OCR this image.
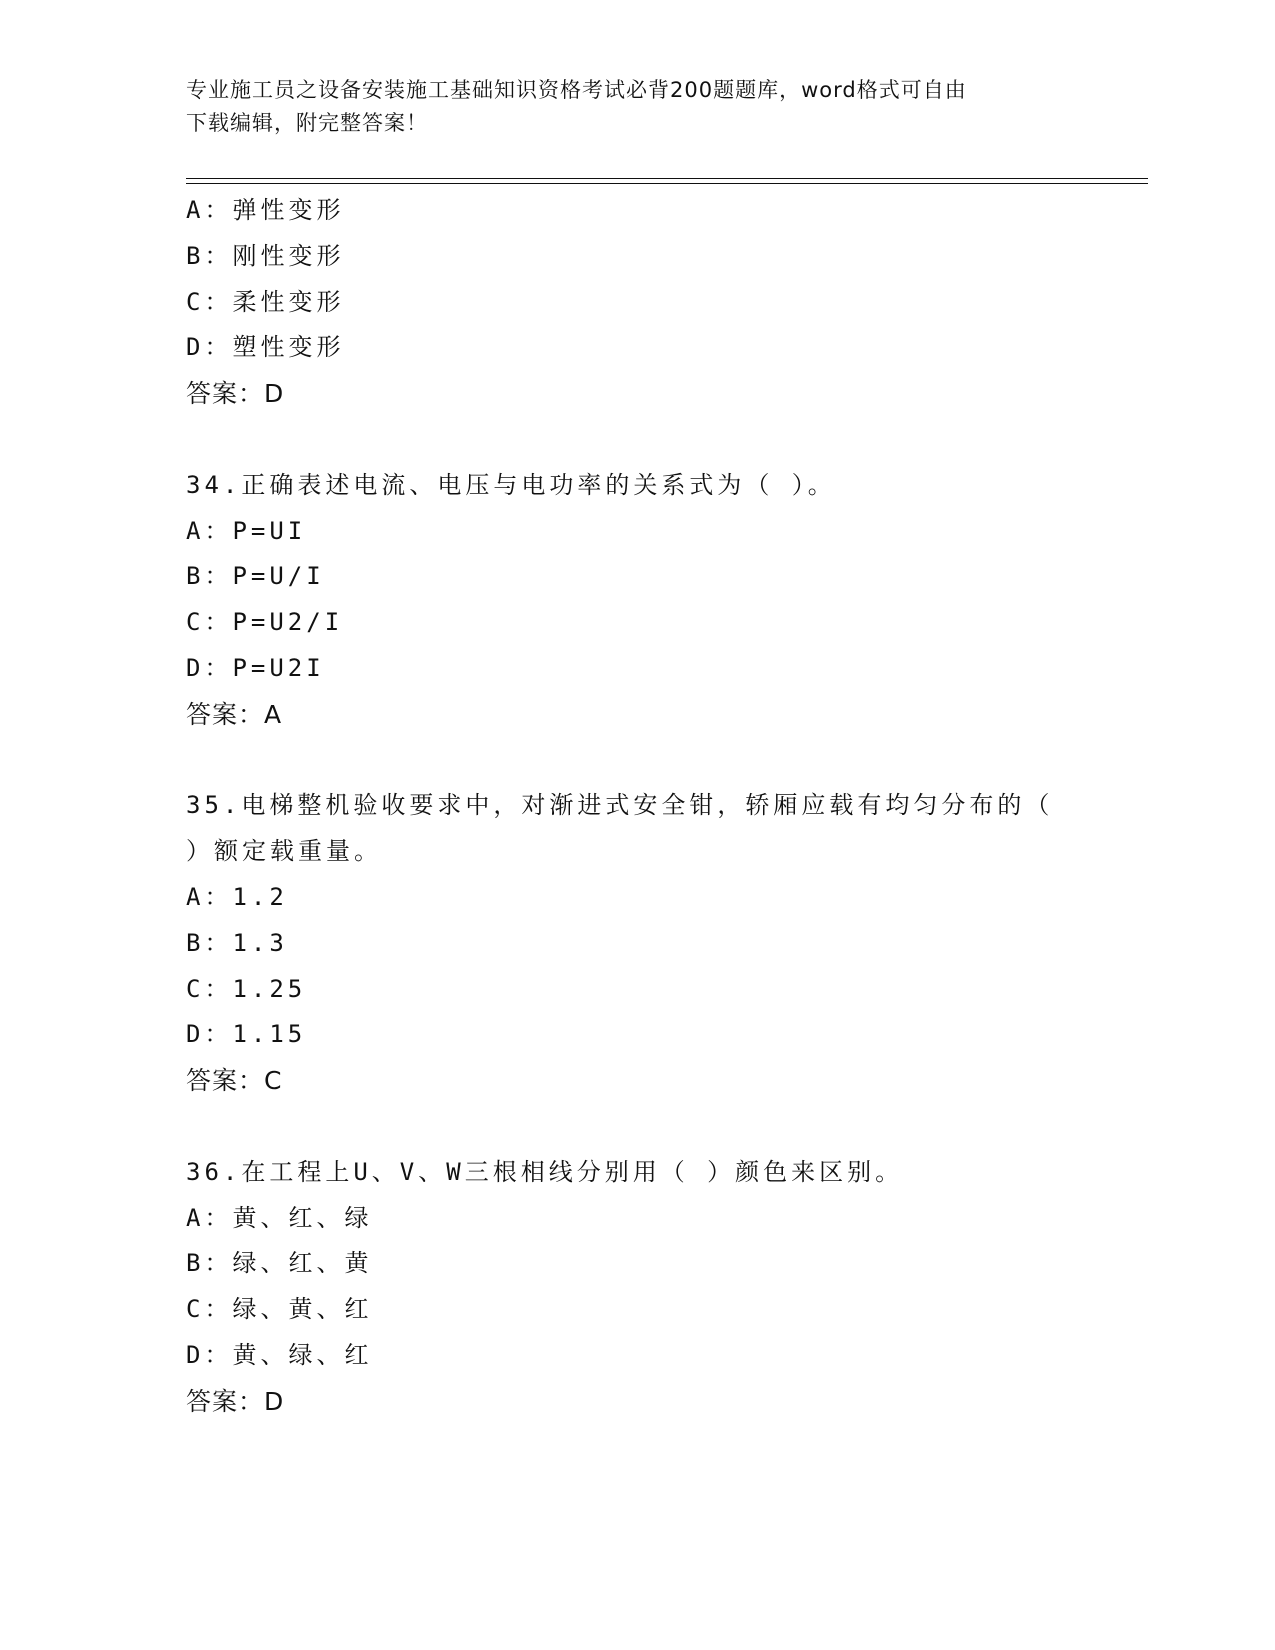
专业施工员之设备安装施工基础知识资格考试必背200题题库，word格式可自由
下载编辑，附完整答案！
A：弹性变形
B：刚性变形
C：柔性变形
D：塑性变形
答案：D
34.正确表述电流、电压与电功率的关系式为（ ）。
A：P=UI
B：P=U/I
C：P=U2/I
D：P=U2I
答案：A
35.电梯整机验收要求中，对渐进式安全钳，轿厢应载有均匀分布的（
）额定载重量。
A：1.2
B：1.3
C：1.25
D：1.15
答案：C
36.在工程上U、V、W三根相线分别用（ ）颜色来区别。
A：黄、红、绿
B：绿、红、黄
C：绿、黄、红
D：黄、绿、红
答案：D
